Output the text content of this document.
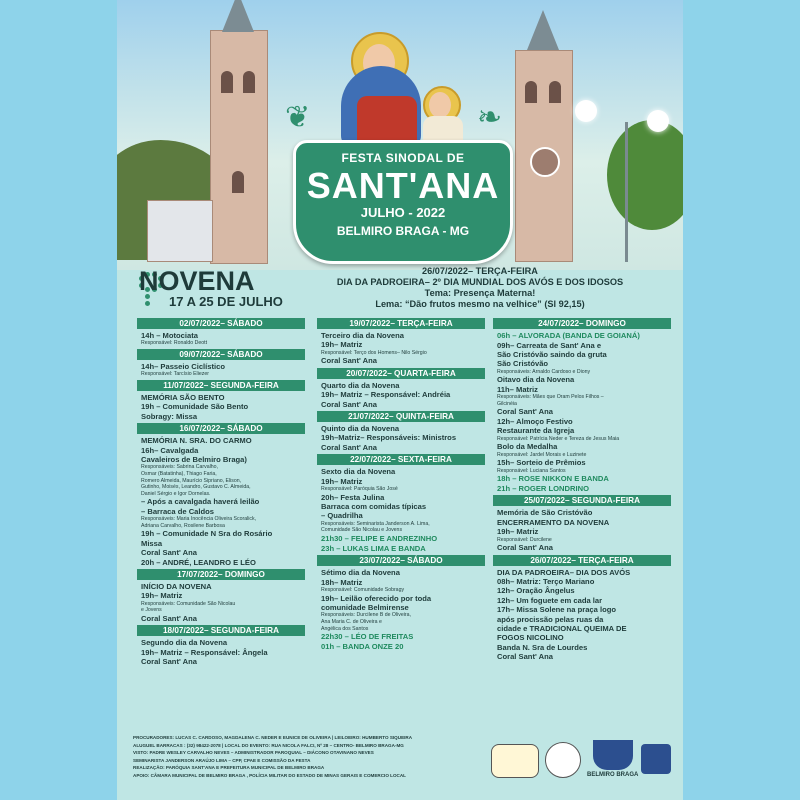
❦	❧
FESTA SINODAL DE
SANT'ANA
JULHO - 2022
BELMIRO BRAGA - MG
NOVENA
17 A 25 DE JULHO
26/07/2022– TERÇA-FEIRA
DIA DA PADROEIRA– 2º DIA MUNDIAL DOS AVÓS E DOS IDOSOS
Tema: Presença Materna!
Lema: “Dão frutos mesmo na velhice” (Sl 92,15)
02/07/2022– SÁBADO
14h – Motociata
Responsável: Ronaldo Deott
09/07/2022– SÁBADO
14h– Passeio Ciclístico
Responsável: Tarcísio Eliezer
11/07/2022– SEGUNDA-FEIRA
MEMÓRIA SÃO BENTO
19h – Comunidade São Bento
Sobragy: Missa
16/07/2022– SÁBADO
MEMÓRIA N. SRA. DO CARMO
16h– Cavalgada
Cavaleiros de Belmiro Braga)
Responsáveis: Sabrina Carvalho,
Osmar (Batatinha), Thiago Faria,
Romero Almeida, Maurício Sipriano, Elison,
Gutinho, Moisés, Leandro, Gustavo C. Almeida,
Daniel Sérgio e Igor Dornelas.
– Após a cavalgada haverá leilão
– Barraca de Caldos
Responsáveis: Maria Inocência Oliveira Scoralick,
Adriana Carvalho, Rosilene Barbosa
19h – Comunidade N Sra do Rosário
Missa
Coral Sant' Ana
20h – ANDRÉ, LEANDRO E LÉO
17/07/2022– DOMINGO
INÍCIO DA NOVENA
19h– Matriz
Responsáveis: Comunidade São Nicolau
e Jovens
Coral Sant' Ana
18/07/2022– SEGUNDA-FEIRA
Segundo dia da Novena
19h– Matriz – Responsável: Ângela
Coral Sant' Ana
19/07/2022– TERÇA-FEIRA
Terceiro dia da Novena
19h– Matriz
Responsável: Terço dos Homens– Nilo Sérgio
Coral Sant' Ana
20/07/2022– QUARTA-FEIRA
Quarto dia da Novena
19h– Matriz – Responsável: Andréia
Coral Sant' Ana
21/07/2022– QUINTA-FEIRA
Quinto dia da Novena
19h–Matriz– Responsáveis: Ministros
Coral Sant' Ana
22/07/2022– SEXTA-FEIRA
Sexto dia da Novena
19h– Matriz
Responsável: Paróquia São José
20h– Festa Julina
Barraca com comidas típicas
– Quadrilha
Responsáveis: Seminarista Janderson A. Lima,
Comunidade São Nicolau e Jovens
21h30 – FELIPE E ANDREZINHO
23h – LUKAS LIMA E BANDA
23/07/2022– SÁBADO
Sétimo dia da Novena
18h– Matriz
Responsável: Comunidade Sobragy
19h– Leilão oferecido por toda
comunidade Belmirense
Responsáveis: Durcilene B de Oliveira,
Ana Maria C. de Oliveira e
Angélica dos Santos
22h30 – LÉO DE FREITAS
01h – BANDA ONZE 20
24/07/2022– DOMINGO
06h – ALVORADA (BANDA DE GOIANÁ)
09h– Carreata de Sant' Ana e
São Cristóvão saindo da gruta
São Cristóvão
Responsáveis: Arnaldo Cardoso e Diony
Oitavo dia da Novena
11h– Matriz
Responsáveis: Mães que Oram Pelos Filhos –
Gilcinéia
Coral Sant' Ana
12h– Almoço Festivo
Restaurante da Igreja
Responsável: Patrícia Neder e Tereza de Jesus Maia
Bolo da Medalha
Responsável: Jardel Morais e Luzinete
15h– Sorteio de Prêmios
Responsável: Luciana Santos
18h – ROSE NIKKON E BANDA
21h – ROGER LONDRINO
25/07/2022– SEGUNDA-FEIRA
Memória de São Cristóvão
ENCERRAMENTO DA NOVENA
19h– Matriz
Responsável: Durcilene
Coral Sant' Ana
26/07/2022– TERÇA-FEIRA
DIA DA PADROEIRA– DIA DOS AVÓS
08h– Matriz: Terço Mariano
12h– Oração Ângelus
12h– Um foguete em cada lar
17h– Missa Solene na praça logo
após procissão pelas ruas da
cidade e TRADICIONAL QUEIMA DE
FOGOS NICOLINO
Banda N. Sra de Lourdes
Coral Sant' Ana
PROCURADORES: LUCAS C. CARDOSO, MAGDALENA C. NEDER E EUNICE DE OLIVEIRA | LEILOEIRO: HUMBERTO SIQUEIRA
ALUGUEL BARRACAS : (32) 98422-2078 | LOCAL DO EVENTO: RUA NICOLA FALCI, Nº 28 – CENTRO- BELMIRO BRAGA-MG
VISTO: PADRE WESLEY CARVALHO NEVES – ADMINISTRADOR PAROQUIAL – DIÁCONO OTAVINANO NEVES
SEMINARISTA JANDERSON ARAÚJO LIMA – CPP, CPAE E COMISSÃO DA FESTA
REALIZAÇÃO: PARÓQUIA SANT'ANA E PREFEITURA MUNICIPAL DE BELMIRO BRAGA
APOIO: CÂMARA MUNICIPAL DE BELMIRO BRAGA , POLÍCIA MILITAR DO ESTADO DE MINAS GERAIS E COMERCIO LOCAL	BELMIRO BRAGA
